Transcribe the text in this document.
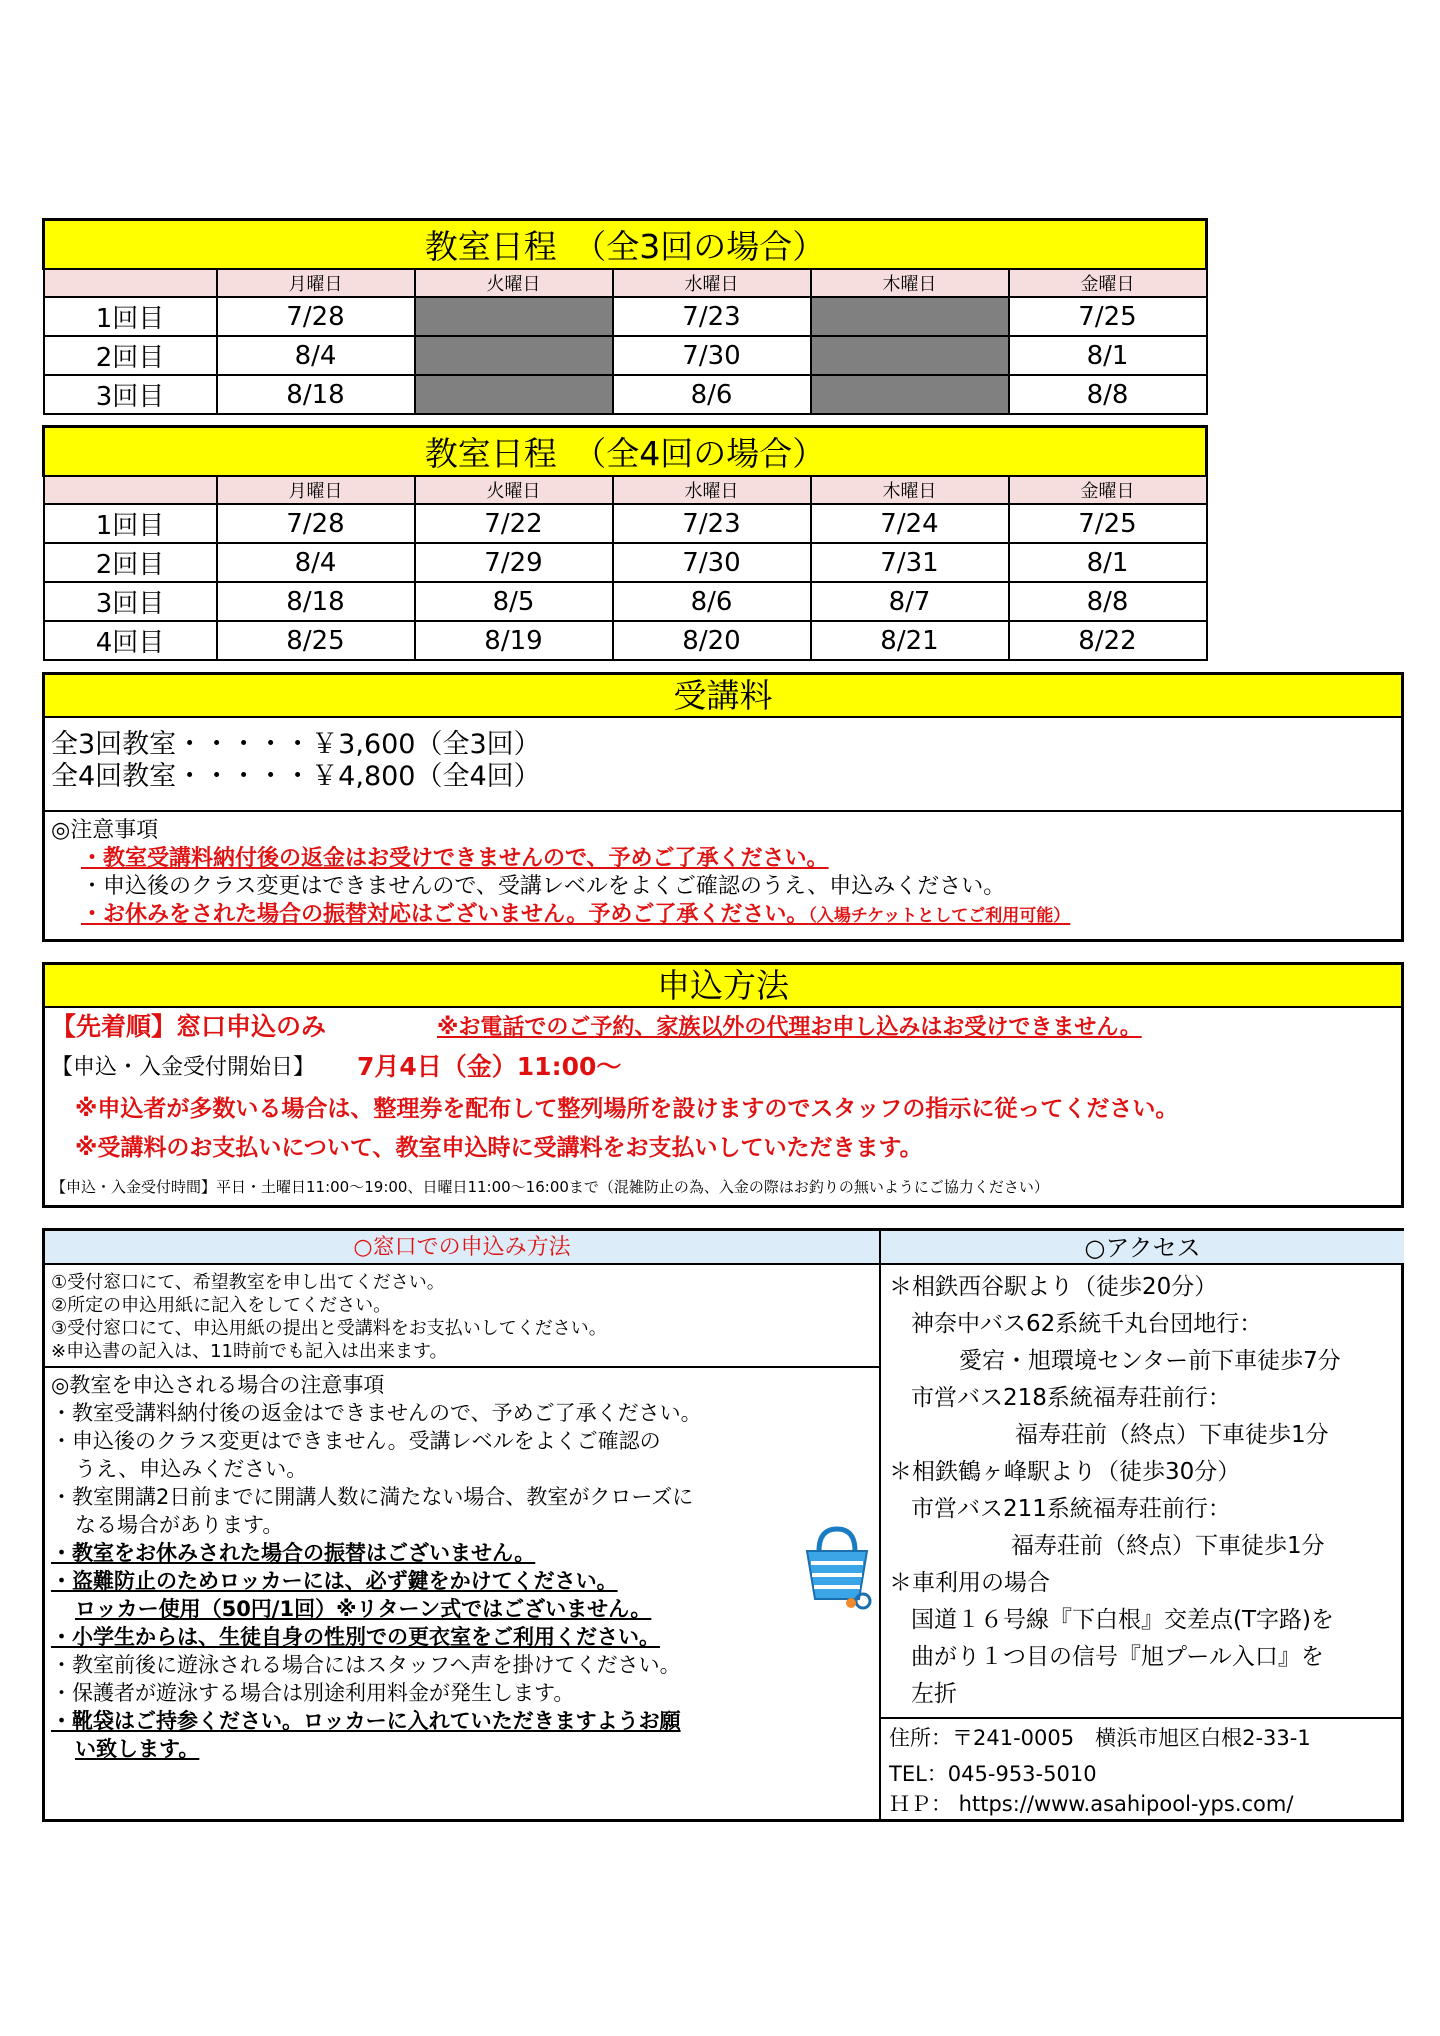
教室日程　（全3回の場合）					
	月曜日	火曜日	水曜日	木曜日	金曜日
1回目	7/28		7/23		7/25
2回目	8/4		7/30		8/1
3回目	8/18		8/6		8/8
教室日程　（全4回の場合）					
	月曜日	火曜日	水曜日	木曜日	金曜日
1回目	7/28	7/22	7/23	7/24	7/25
2回目	8/4	7/29	7/30	7/31	8/1
3回目	8/18	8/5	8/6	8/7	8/8
4回目	8/25	8/19	8/20	8/21	8/22
受講料
全3回教室・・・・・￥3,600（全3回）
全4回教室・・・・・￥4,800（全4回）
◎注意事項
・教室受講料納付後の返金はお受けできませんので、予めご了承ください。
・申込後のクラス変更はできませんので、受講レベルをよくご確認のうえ、申込みください。
・お休みをされた場合の振替対応はございません。予めご了承ください。（入場チケットとしてご利用可能）
申込方法
【先着順】窓口申込のみ	※お電話でのご予約、家族以外の代理お申し込みはお受けできません。
【申込・入金受付開始日】 7月4日（金）11:00～
※申込者が多数いる場合は、整理券を配布して整列場所を設けますのでスタッフの指示に従ってください。
※受講料のお支払いについて、教室申込時に受講料をお支払いしていただきます。
【申込・入金受付時間】平日・土曜日11:00～19:00、日曜日11:00～16:00まで（混雑防止の為、入金の際はお釣りの無いようにご協力ください）
○窓口での申込み方法
①受付窓口にて、希望教室を申し出てください。
②所定の申込用紙に記入をしてください。
③受付窓口にて、申込用紙の提出と受講料をお支払いしてください。
※申込書の記入は、11時前でも記入は出来ます。
◎教室を申込される場合の注意事項
・教室受講料納付後の返金はできませんので、予めご了承ください。
・申込後のクラス変更はできません。受講レベルをよくご確認の
うえ、申込みください。
・教室開講2日前までに開講人数に満たない場合、教室がクローズに
なる場合があります。
・教室をお休みされた場合の振替はございません。
・盗難防止のためロッカーには、必ず鍵をかけてください。
ロッカー使用（50円/1回）※リターン式ではございません。
・小学生からは、生徒自身の性別での更衣室をご利用ください。
・教室前後に遊泳される場合にはスタッフへ声を掛けてください。
・保護者が遊泳する場合は別途利用料金が発生します。
・靴袋はご持参ください。ロッカーに入れていただきますようお願
い致します。
○アクセス
＊相鉄西谷駅より（徒歩20分）
神奈中バス62系統千丸台団地行：
愛宕・旭環境センター前下車徒歩7分
市営バス218系統福寿荘前行：
福寿荘前（終点）下車徒歩1分
＊相鉄鶴ヶ峰駅より（徒歩30分）
市営バス211系統福寿荘前行：
福寿荘前（終点）下車徒歩1分
＊車利用の場合
国道１６号線『下白根』交差点(T字路)を
曲がり１つ目の信号『旭プール入口』を
左折
住所：〒241-0005　横浜市旭区白根2-33-1
TEL：045-953-5010
ＨＰ： https://www.asahipool-yps.com/
